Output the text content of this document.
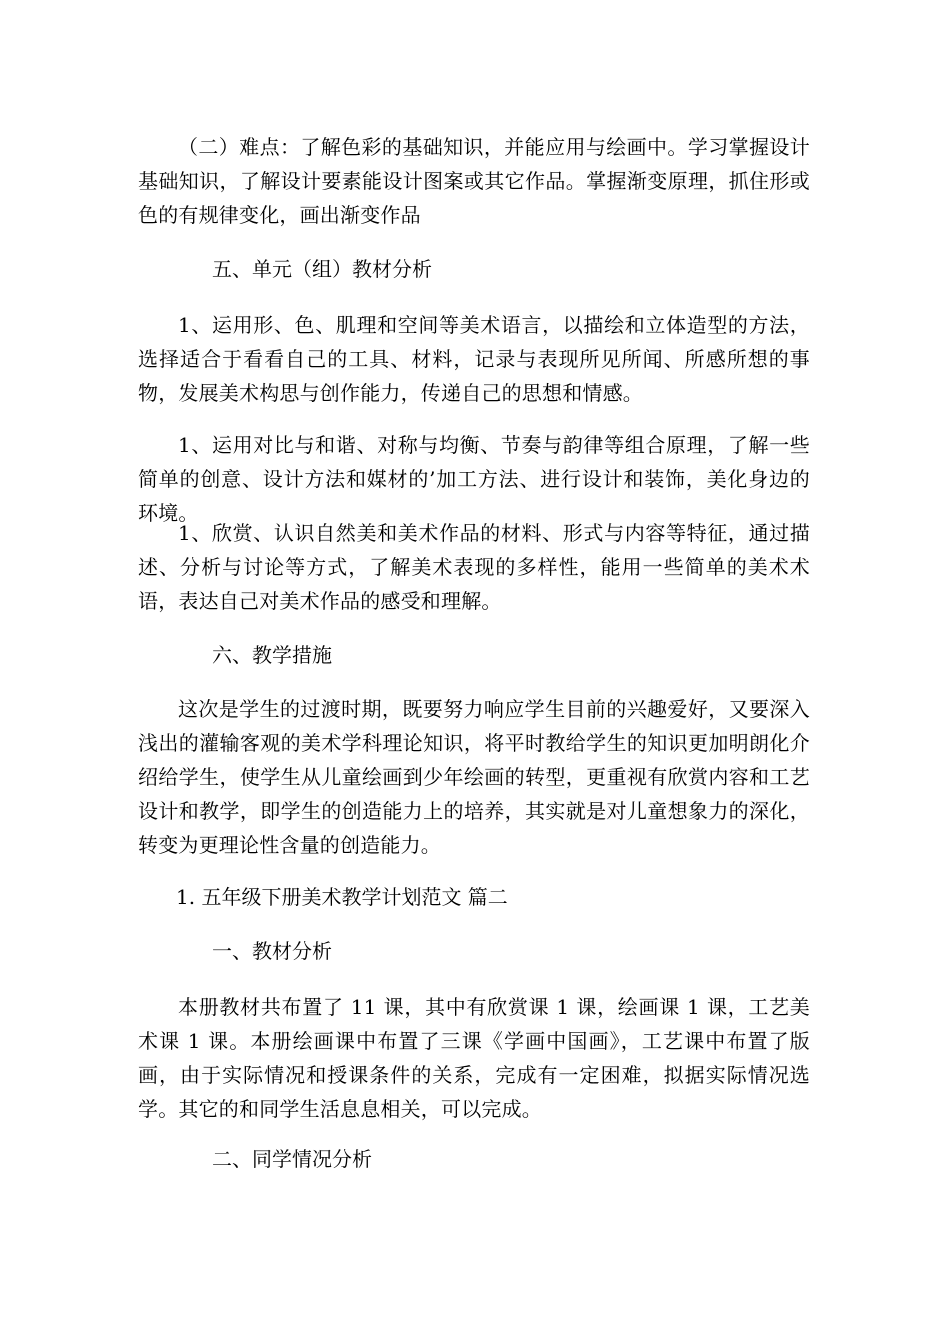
（二）难点：了解色彩的基础知识，并能应用与绘画中。学习掌握设计基础知识，了解设计要素能设计图案或其它作品。掌握渐变原理，抓住形或色的有规律变化，画出渐变作品

五、单元（组）教材分析

1、运用形、色、肌理和空间等美术语言，以描绘和立体造型的方法，选择适合于看看自己的工具、材料，记录与表现所见所闻、所感所想的事物，发展美术构思与创作能力，传递自己的思想和情感。

1、运用对比与和谐、对称与均衡、节奏与韵律等组合原理，了解一些简单的创意、设计方法和媒材的’加工方法、进行设计和装饰，美化身边的环境。

1、欣赏、认识自然美和美术作品的材料、形式与内容等特征，通过描述、分析与讨论等方式，了解美术表现的多样性，能用一些简单的美术术语，表达自己对美术作品的感受和理解。

六、教学措施

这次是学生的过渡时期，既要努力响应学生目前的兴趣爱好，又要深入浅出的灌输客观的美术学科理论知识，将平时教给学生的知识更加明朗化介绍给学生，使学生从儿童绘画到少年绘画的转型，更重视有欣赏内容和工艺设计和教学，即学生的创造能力上的培养，其实就是对儿童想象力的深化，转变为更理论性含量的创造能力。

1. 五年级下册美术教学计划范文 篇二

一、教材分析

本册教材共布置了 11 课，其中有欣赏课 1 课，绘画课 1 课，工艺美术课 1 课。本册绘画课中布置了三课《学画中国画》，工艺课中布置了版画，由于实际情况和授课条件的关系，完成有一定困难，拟据实际情况选学。其它的和同学生活息息相关，可以完成。

二、同学情况分析
